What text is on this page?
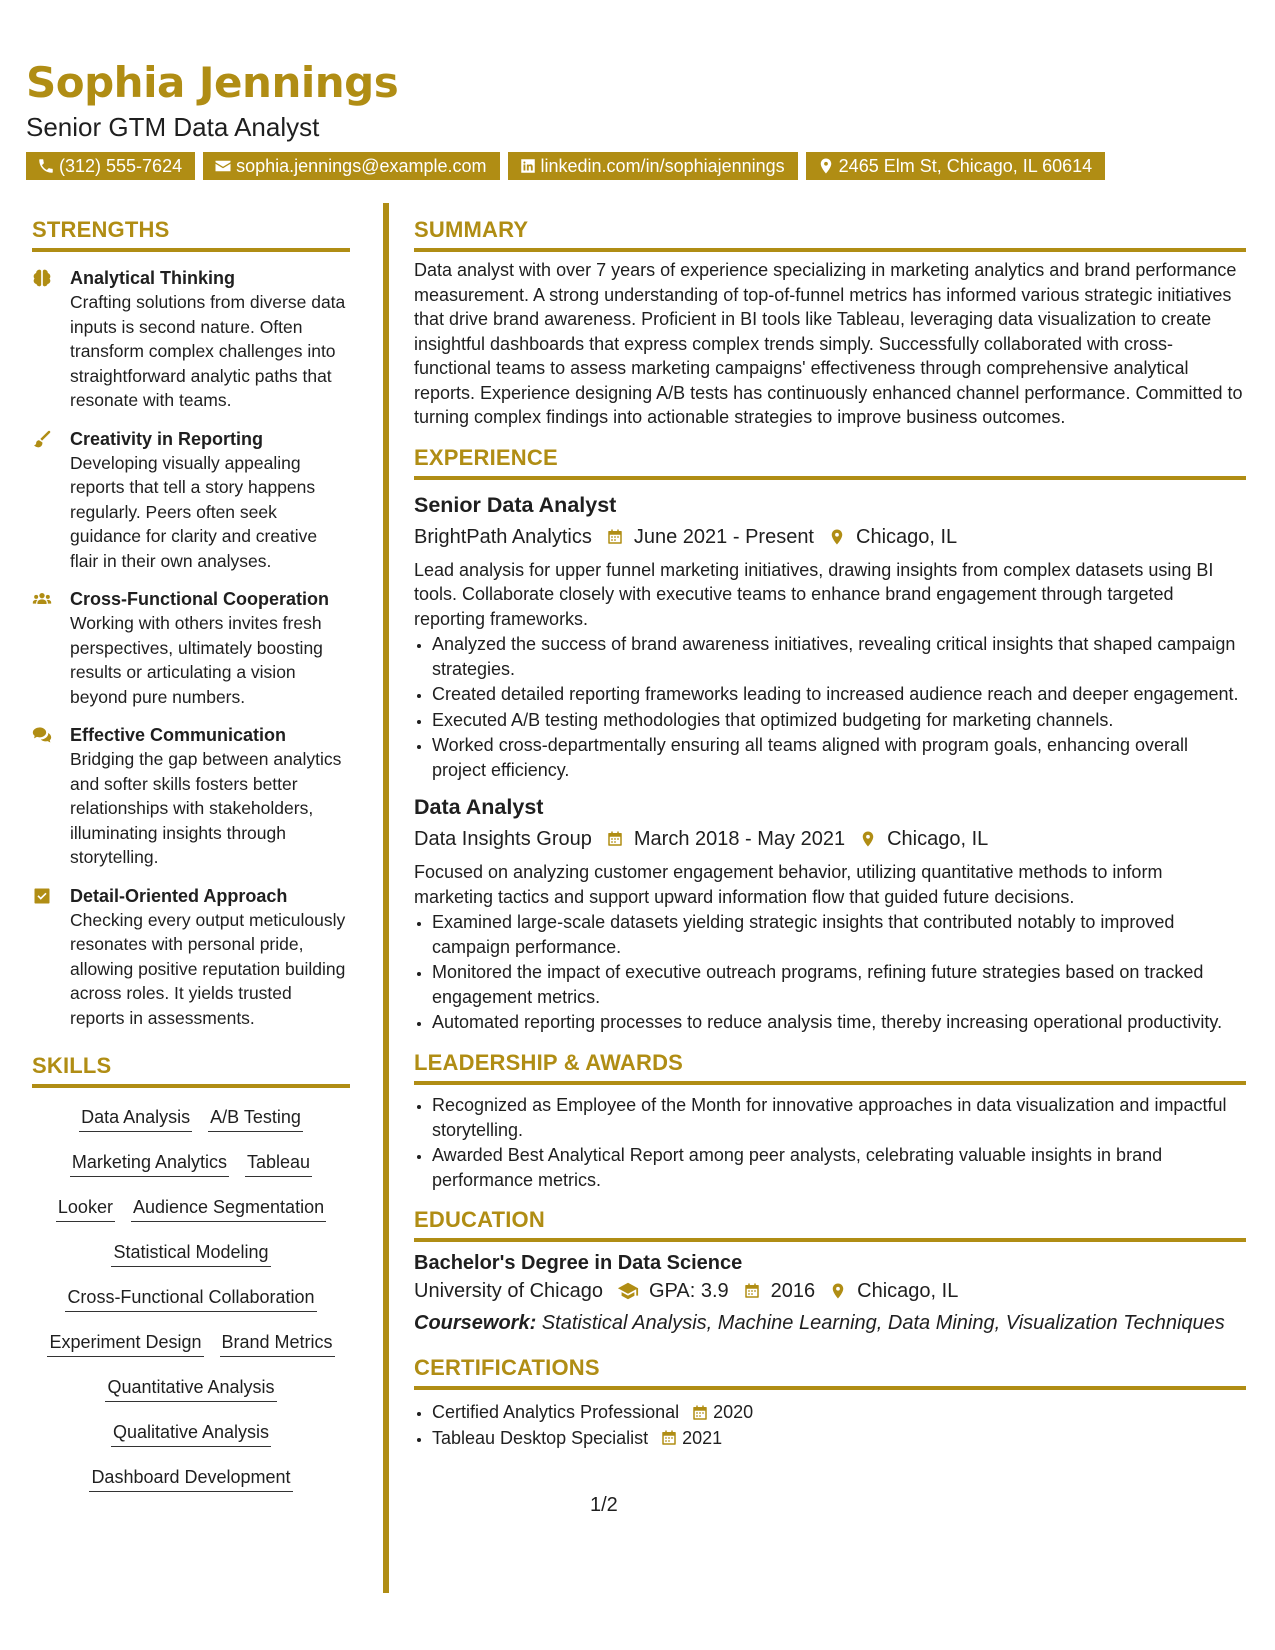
Sophia Jennings
Senior GTM Data Analyst
(312) 555-7624	sophia.jennings@example.com	linkedin.com/in/sophiajennings	2465 Elm St, Chicago, IL 60614
STRENGTHS
Analytical Thinking
Crafting solutions from diverse data inputs is second nature. Often transform complex challenges into straightforward analytic paths that resonate with teams.
Creativity in Reporting
Developing visually appealing reports that tell a story happens regularly. Peers often seek guidance for clarity and creative flair in their own analyses.
Cross-Functional Cooperation
Working with others invites fresh perspectives, ultimately boosting results or articulating a vision beyond pure numbers.
Effective Communication
Bridging the gap between analytics and softer skills fosters better relationships with stakeholders, illuminating insights through storytelling.
Detail-Oriented Approach
Checking every output meticulously resonates with personal pride, allowing positive reputation building across roles. It yields trusted reports in assessments.
SKILLS
Data Analysis A/B Testing
Marketing Analytics Tableau
Looker Audience Segmentation
Statistical Modeling
Cross-Functional Collaboration
Experiment Design Brand Metrics
Quantitative Analysis
Qualitative Analysis
Dashboard Development
SUMMARY
Data analyst with over 7 years of experience specializing in marketing analytics and brand performance measurement. A strong understanding of top-of-funnel metrics has informed various strategic initiatives that drive brand awareness. Proficient in BI tools like Tableau, leveraging data visualization to create insightful dashboards that express complex trends simply. Successfully collaborated with cross-functional teams to assess marketing campaigns' effectiveness through comprehensive analytical reports. Experience designing A/B tests has continuously enhanced channel performance. Committed to turning complex findings into actionable strategies to improve business outcomes.
EXPERIENCE
Senior Data Analyst
BrightPath Analytics June 2021 - Present Chicago, IL
Lead analysis for upper funnel marketing initiatives, drawing insights from complex datasets using BI tools. Collaborate closely with executive teams to enhance brand engagement through targeted reporting frameworks.
• Analyzed the success of brand awareness initiatives, revealing critical insights that shaped campaign strategies.
• Created detailed reporting frameworks leading to increased audience reach and deeper engagement.
• Executed A/B testing methodologies that optimized budgeting for marketing channels.
• Worked cross-departmentally ensuring all teams aligned with program goals, enhancing overall project efficiency.
Data Analyst
Data Insights Group March 2018 - May 2021 Chicago, IL
Focused on analyzing customer engagement behavior, utilizing quantitative methods to inform marketing tactics and support upward information flow that guided future decisions.
• Examined large-scale datasets yielding strategic insights that contributed notably to improved campaign performance.
• Monitored the impact of executive outreach programs, refining future strategies based on tracked engagement metrics.
• Automated reporting processes to reduce analysis time, thereby increasing operational productivity.
LEADERSHIP & AWARDS
• Recognized as Employee of the Month for innovative approaches in data visualization and impactful storytelling.
• Awarded Best Analytical Report among peer analysts, celebrating valuable insights in brand performance metrics.
EDUCATION
Bachelor's Degree in Data Science
University of Chicago GPA: 3.9 2016 Chicago, IL
Coursework: Statistical Analysis, Machine Learning, Data Mining, Visualization Techniques
CERTIFICATIONS
• Certified Analytics Professional 2020
• Tableau Desktop Specialist 2021
1/2
